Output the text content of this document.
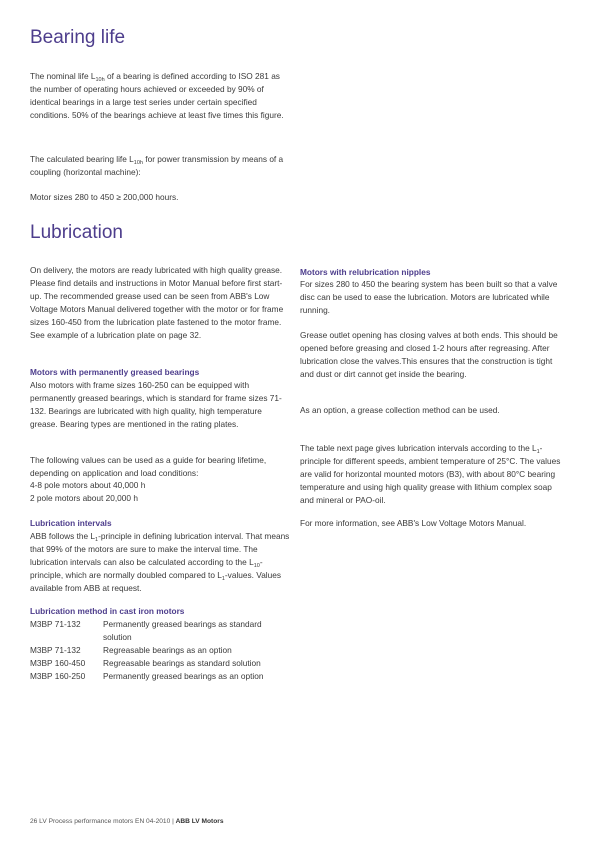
Bearing life

The nominal life $L_{10h}$ of a bearing is defined according to ISO 281 as the number of operating hours achieved or exceeded by 90% of identical bearings in a large test series under certain specified conditions. 50% of the bearings achieve at least five times this figure.

The calculated bearing life $L_{10h}$ for power transmission by means of a coupling (horizontal machine):

Motor sizes 280 to 450 ≥ 200,000 hours.

Lubrication

On delivery, the motors are ready lubricated with high quality grease. Please find details and instructions in Motor Manual before first start-up. The recommended grease used can be seen from ABB's Low Voltage Motors Manual delivered together with the motor or for frame sizes 160-450 from the lubrication plate fastened to the motor frame. See example of a lubrication plate on page 32.

Motors with permanently greased bearings

Also motors with frame sizes 160-250 can be equipped with permanently greased bearings, which is standard for frame sizes 71-132. Bearings are lubricated with high quality, high temperature grease. Bearing types are mentioned in the rating plates.

The following values can be used as a guide for bearing lifetime, depending on application and load conditions:

4-8 pole motors about 40,000 h

2 pole motors about 20,000 h

Lubrication intervals

ABB follows the $L_1$-principle in defining lubrication interval. That means that 99% of the motors are sure to make the interval time. The lubrication intervals can also be calculated according to the $L_{10}$-principle, which are normally doubled compared to $L_1$-values. Values available from ABB at request.

Lubrication method in cast iron motors

M3BP 71-132	Permanently greased bearings as standard solution
M3BP 71-132	Regreasable bearings as an option
M3BP 160-450	Regreasable bearings as standard solution
M3BP 160-250	Permanently greased bearings as an option

Motors with relubrication nipples

For sizes 280 to 450 the bearing system has been built so that a valve disc can be used to ease the lubrication. Motors are lubricated while running.

Grease outlet opening has closing valves at both ends. This should be opened before greasing and closed 1-2 hours after regreasing. After lubrication close the valves.This ensures that the construction is tight and dust or dirt cannot get inside the bearing.

As an option, a grease collection method can be used.

The table next page gives lubrication intervals according to the $L_1$-principle for different speeds, ambient temperature of 25°C. The values are valid for horizontal mounted motors (B3), with about 80°C bearing temperature and using high quality grease with lithium complex soap and mineral or PAO-oil.

For more information, see ABB's Low Voltage Motors Manual.

26 LV Process performance motors EN 04-2010 | ABB LV Motors
